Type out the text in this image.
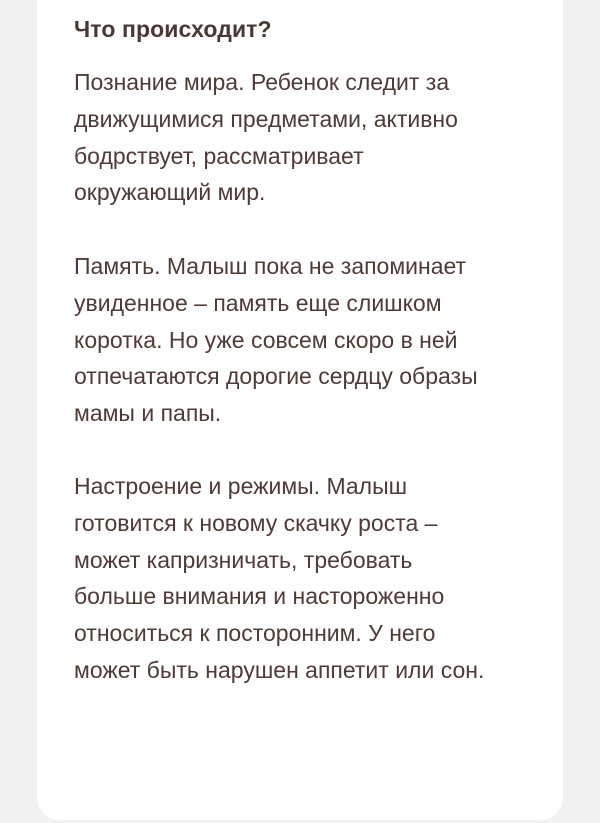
Что происходит?

Познание мира. Ребенок следит за
движущимися предметами, активно
бодрствует, рассматривает
окружающий мир.

Память. Малыш пока не запоминает
увиденное – память еще слишком
коротка. Но уже совсем скоро в ней
отпечатаются дорогие сердцу образы
мамы и папы.

Настроение и режимы. Малыш
готовится к новому скачку роста –
может капризничать, требовать
больше внимания и настороженно
относиться к посторонним. У него
может быть нарушен аппетит или сон.
